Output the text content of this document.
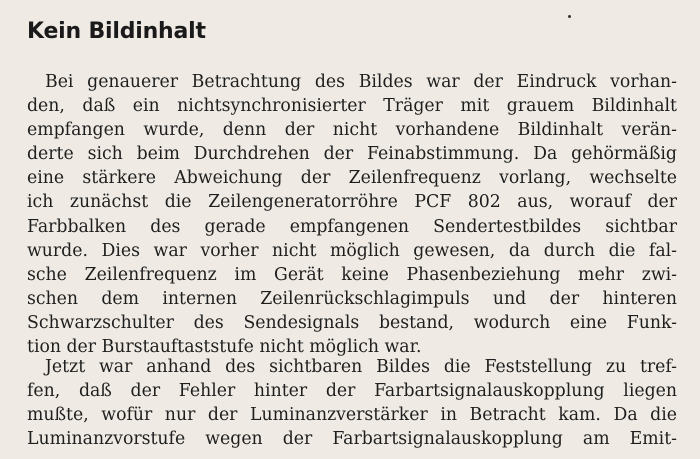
Kein Bildinhalt
Bei genauerer Betrachtung des Bildes war der Eindruck vorhan-
den, daß ein nichtsynchronisierter Träger mit grauem Bildinhalt
empfangen wurde, denn der nicht vorhandene Bildinhalt verän-
derte sich beim Durchdrehen der Feinabstimmung. Da gehörmäßig
eine stärkere Abweichung der Zeilenfrequenz vorlang, wechselte
ich zunächst die Zeilengeneratorröhre PCF 802 aus, worauf der
Farbbalken des gerade empfangenen Sendertestbildes sichtbar
wurde. Dies war vorher nicht möglich gewesen, da durch die fal-
sche Zeilenfrequenz im Gerät keine Phasenbeziehung mehr zwi-
schen dem internen Zeilenrückschlagimpuls und der hinteren
Schwarzschulter des Sendesignals bestand, wodurch eine Funk-
tion der Burstauftaststufe nicht möglich war.
Jetzt war anhand des sichtbaren Bildes die Feststellung zu tref-
fen, daß der Fehler hinter der Farbartsignalauskopplung liegen
mußte, wofür nur der Luminanzverstärker in Betracht kam. Da die
Luminanzvorstufe wegen der Farbartsignalauskopplung am Emit-
